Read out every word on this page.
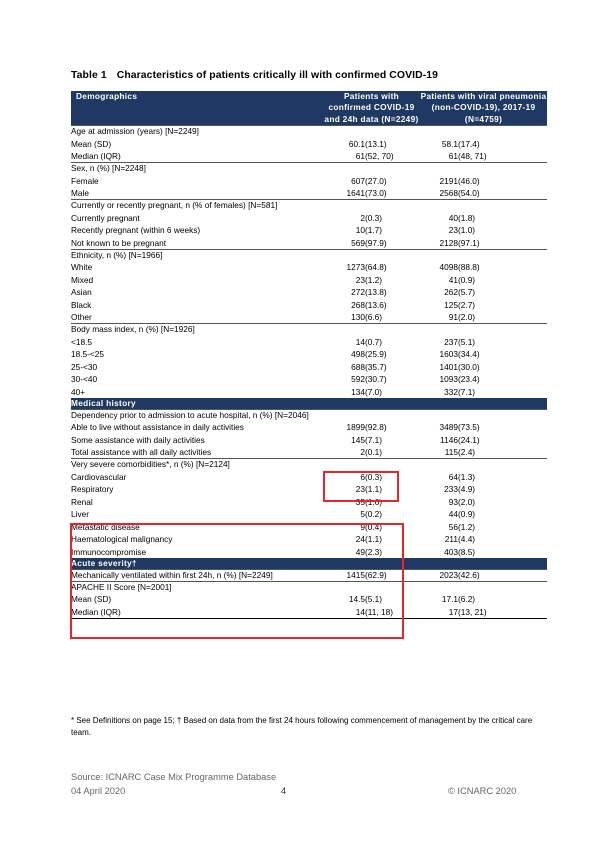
Table 1 Characteristics of patients critically ill with confirmed COVID-19
Demographics	Patients with confirmed COVID-19 and 24h data (N=2249)		Patients with viral pneumonia (non-COVID-19), 2017-19 (N=4759)	
Age at admission (years) [N=2249]				
Mean (SD)	60.1	(13.1)	58.1	(17.4)
Median (IQR)	61	(52, 70)	61	(48, 71)
Sex, n (%) [N=2248]				
Female	607	(27.0)	2191	(46.0)
Male	1641	(73.0)	2568	(54.0)
Currently or recently pregnant, n (% of females) [N=581]				
Currently pregnant	2	(0.3)	40	(1.8)
Recently pregnant (within 6 weeks)	10	(1.7)	23	(1.0)
Not known to be pregnant	569	(97.9)	2128	(97.1)
Ethnicity, n (%) [N=1966]				
White	1273	(64.8)	4098	(88.8)
Mixed	23	(1.2)	41	(0.9)
Asian	272	(13.8)	262	(5.7)
Black	268	(13.6)	125	(2.7)
Other	130	(6.6)	91	(2.0)
Body mass index, n (%) [N=1926]				
<18.5	14	(0.7)	237	(5.1)
18.5-<25	498	(25.9)	1603	(34.4)
25-<30	688	(35.7)	1401	(30.0)
30-<40	592	(30.7)	1093	(23.4)
40+	134	(7.0)	332	(7.1)
Medical history				
Dependency prior to admission to acute hospital, n (%) [N=2046]				
Able to live without assistance in daily activities	1899	(92.8)	3489	(73.5)
Some assistance with daily activities	145	(7.1)	1146	(24.1)
Total assistance with all daily activities	2	(0.1)	115	(2.4)
Very severe comorbidities*, n (%) [N=2124]				
Cardiovascular	6	(0.3)	64	(1.3)
Respiratory	23	(1.1)	233	(4.9)
Renal	35	(1.6)	93	(2.0)
Liver	5	(0.2)	44	(0.9)
Metastatic disease	9	(0.4)	56	(1.2)
Haematological malignancy	24	(1.1)	211	(4.4)
Immunocompromise	49	(2.3)	403	(8.5)
Acute severity†				
Mechanically ventilated within first 24h, n (%) [N=2249]	1415	(62.9)	2023	(42.6)
APACHE II Score [N=2001]				
Mean (SD)	14.5	(5.1)	17.1	(6.2)
Median (IQR)	14	(11, 18)	17	(13, 21)
* See Definitions on page 15; † Based on data from the first 24 hours following commencement of management by the critical care team.
Source: ICNARC Case Mix Programme Database
04 April 2020	4	© ICNARC 2020
